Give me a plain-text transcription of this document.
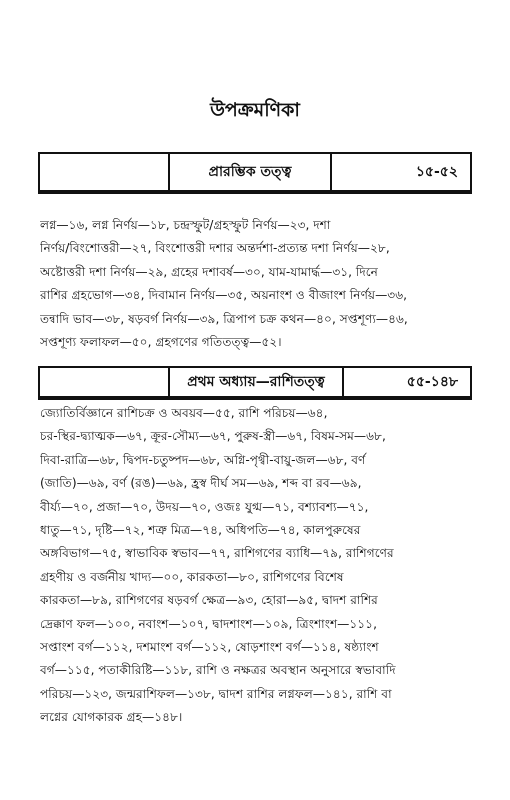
উপক্রমণিকা
প্রারম্ভিক তত্ত্ব	১৫-৫২
লগ্ন—১৬, লগ্ন নির্ণয়—১৮, চন্দ্রস্ফুট/গ্রহস্ফুট নির্ণয়—২৩, দশা
নির্ণয়/বিংশোত্তরী—২৭, বিংশোত্তরী দশার অন্তর্দশা-প্রত্যন্ত দশা নির্ণয়—২৮,
অষ্টোত্তরী দশা নির্ণয়—২৯, গ্রহের দশাবর্ষ—৩০, যাম-যামার্দ্ধ—৩১, দিনে
রাশির গ্রহভোগ—৩৪, দিবামান নির্ণয়—৩৫, অয়নাংশ ও বীজাংশ নির্ণয়—৩৬,
তন্বাদি ভাব—৩৮, ষড়বর্গ নির্ণয়—৩৯, ত্রিপাপ চক্র কথন—৪০, সপ্তশূণ্য—৪৬,
সপ্তশূণ্য ফলাফল—৫০, গ্রহগণের গতিতত্ত্ব—৫২।
প্রথম অধ্যায়—রাশিতত্ত্ব	৫৫-১৪৮
জ্যোতির্বিজ্ঞানে রাশিচক্র ও অবয়ব—৫৫, রাশি পরিচয়—৬৪,
চর-স্থির-দ্ব্যাত্মক—৬৭, ক্রূর-সৌম্য—৬৭, পুরুষ-স্ত্রী—৬৭, বিষম-সম—৬৮,
দিবা-রাত্রি—৬৮, দ্বিপদ-চতুষ্পদ—৬৮, অগ্নি-পৃথ্বী-বায়ু-জল—৬৮, বর্ণ
(জাতি)—৬৯, বর্ণ (রঙ)—৬৯, হ্রস্ব দীর্ঘ সম—৬৯, শব্দ বা রব—৬৯,
বীর্য্য—৭০, প্রজা—৭০, উদয়—৭০, ওজঃ যুগ্ম—৭১, বশ্যাবশ্য—৭১,
ধাতু—৭১, দৃষ্টি—৭২, শত্রু মিত্র—৭৪, অধিপতি—৭৪, কালপুরুষের
অঙ্গবিভাগ—৭৫, স্বাভাবিক স্বভাব—৭৭, রাশিগণের ব্যাধি—৭৯, রাশিগণের
গ্রহণীয় ও বর্জনীয় খাদ্য—০০, কারকতা—৮০, রাশিগণের বিশেষ
কারকতা—৮৯, রাশিগণের ষড়বর্গ ক্ষেত্র—৯৩, হোরা—৯৫, দ্বাদশ রাশির
দ্রেক্কাণ ফল—১০০, নবাংশ—১০৭, দ্বাদশাংশ—১০৯, ত্রিংশাংশ—১১১,
সপ্তাংশ বর্গ—১১২, দশমাংশ বর্গ—১১২, ষোড়শাংশ বর্গ—১১৪, ষষ্ঠ্যাংশ
বর্গ—১১৫, পতাকীরিষ্টি—১১৮, রাশি ও নক্ষত্রর অবস্থান অনুসারে স্বভাবাদি
পরিচয়—১২৩, জন্মরাশিফল—১৩৮, দ্বাদশ রাশির লগ্নফল—১৪১, রাশি বা
লগ্নের যোগকারক গ্রহ—১৪৮।
